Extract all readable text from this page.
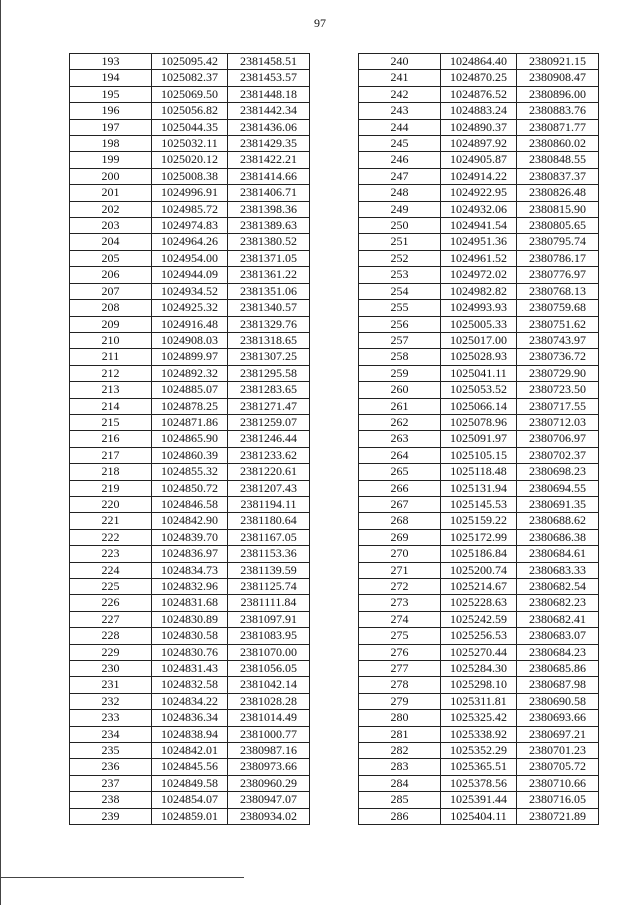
97
193	1025095.42	2381458.51
194	1025082.37	2381453.57
195	1025069.50	2381448.18
196	1025056.82	2381442.34
197	1025044.35	2381436.06
198	1025032.11	2381429.35
199	1025020.12	2381422.21
200	1025008.38	2381414.66
201	1024996.91	2381406.71
202	1024985.72	2381398.36
203	1024974.83	2381389.63
204	1024964.26	2381380.52
205	1024954.00	2381371.05
206	1024944.09	2381361.22
207	1024934.52	2381351.06
208	1024925.32	2381340.57
209	1024916.48	2381329.76
210	1024908.03	2381318.65
211	1024899.97	2381307.25
212	1024892.32	2381295.58
213	1024885.07	2381283.65
214	1024878.25	2381271.47
215	1024871.86	2381259.07
216	1024865.90	2381246.44
217	1024860.39	2381233.62
218	1024855.32	2381220.61
219	1024850.72	2381207.43
220	1024846.58	2381194.11
221	1024842.90	2381180.64
222	1024839.70	2381167.05
223	1024836.97	2381153.36
224	1024834.73	2381139.59
225	1024832.96	2381125.74
226	1024831.68	2381111.84
227	1024830.89	2381097.91
228	1024830.58	2381083.95
229	1024830.76	2381070.00
230	1024831.43	2381056.05
231	1024832.58	2381042.14
232	1024834.22	2381028.28
233	1024836.34	2381014.49
234	1024838.94	2381000.77
235	1024842.01	2380987.16
236	1024845.56	2380973.66
237	1024849.58	2380960.29
238	1024854.07	2380947.07
239	1024859.01	2380934.02
240	1024864.40	2380921.15
241	1024870.25	2380908.47
242	1024876.52	2380896.00
243	1024883.24	2380883.76
244	1024890.37	2380871.77
245	1024897.92	2380860.02
246	1024905.87	2380848.55
247	1024914.22	2380837.37
248	1024922.95	2380826.48
249	1024932.06	2380815.90
250	1024941.54	2380805.65
251	1024951.36	2380795.74
252	1024961.52	2380786.17
253	1024972.02	2380776.97
254	1024982.82	2380768.13
255	1024993.93	2380759.68
256	1025005.33	2380751.62
257	1025017.00	2380743.97
258	1025028.93	2380736.72
259	1025041.11	2380729.90
260	1025053.52	2380723.50
261	1025066.14	2380717.55
262	1025078.96	2380712.03
263	1025091.97	2380706.97
264	1025105.15	2380702.37
265	1025118.48	2380698.23
266	1025131.94	2380694.55
267	1025145.53	2380691.35
268	1025159.22	2380688.62
269	1025172.99	2380686.38
270	1025186.84	2380684.61
271	1025200.74	2380683.33
272	1025214.67	2380682.54
273	1025228.63	2380682.23
274	1025242.59	2380682.41
275	1025256.53	2380683.07
276	1025270.44	2380684.23
277	1025284.30	2380685.86
278	1025298.10	2380687.98
279	1025311.81	2380690.58
280	1025325.42	2380693.66
281	1025338.92	2380697.21
282	1025352.29	2380701.23
283	1025365.51	2380705.72
284	1025378.56	2380710.66
285	1025391.44	2380716.05
286	1025404.11	2380721.89
